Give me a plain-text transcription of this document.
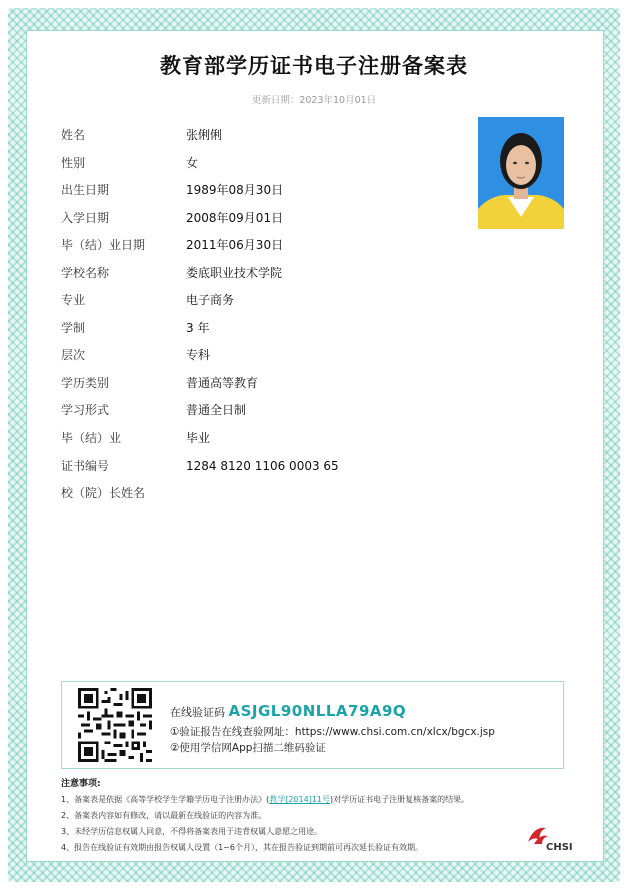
教育部学历证书电子注册备案表
更新日期：2023年10月01日
姓名	张俐俐
性别	女
出生日期	1989年08月30日
入学日期	2008年09月01日
毕（结）业日期	2011年06月30日
学校名称	娄底职业技术学院
专业	电子商务
学制	3 年
层次	专科
学历类别	普通高等教育
学习形式	普通全日制
毕（结）业	毕业
证书编号	1284 8120 1106 0003 65
校（院）长姓名
在线验证码 ASJGL90NLLA79A9Q
①验证报告在线查验网址：https://www.chsi.com.cn/xlcx/bgcx.jsp
②使用学信网App扫描二维码验证
注意事项:
1、备案表是依据《高等学校学生学籍学历电子注册办法》(教学[2014]11号)对学历证书电子注册复核备案的结果。
2、备案表内容如有修改，请以最新在线验证的内容为准。
3、未经学历信息权属人同意，不得将备案表用于违背权属人意愿之用途。
4、报告在线验证有效期由报告权属人设置（1~6个月），其在报告验证到期前可再次延长验证有效期。	CHSI
